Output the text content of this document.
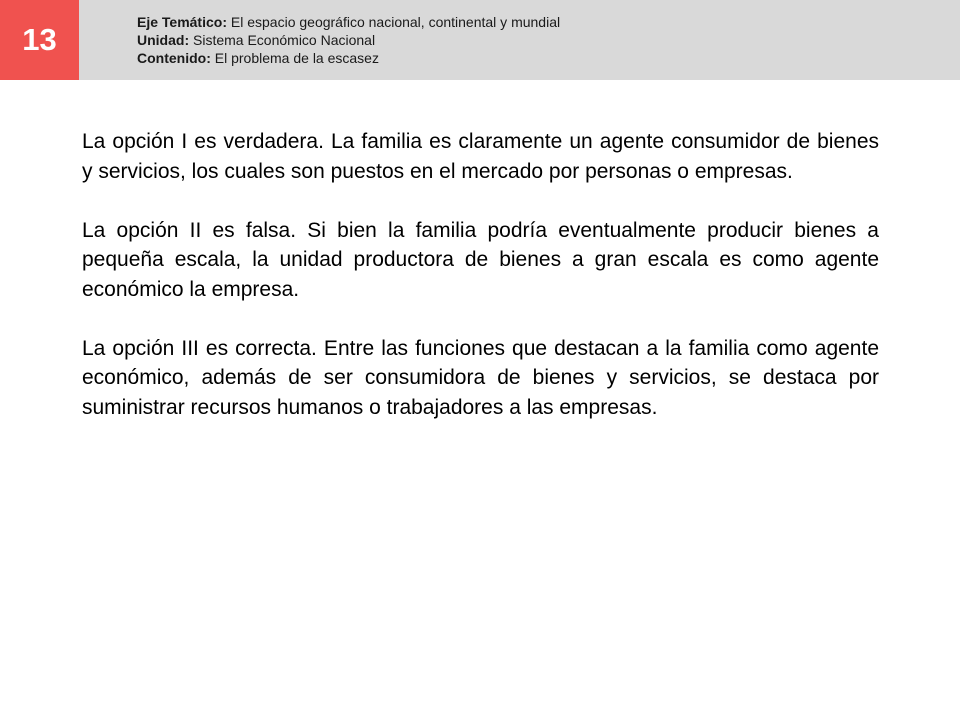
13	Eje Temático: El espacio geográfico nacional, continental y mundial
Unidad: Sistema Económico Nacional
Contenido: El problema de la escasez

La opción I es verdadera. La familia es claramente un agente consumidor de bienes y servicios, los cuales son puestos en el mercado por personas o empresas.

La opción II es falsa. Si bien la familia podría eventualmente producir bienes a pequeña escala, la unidad productora de bienes a gran escala es como agente económico la empresa.

La opción III es correcta. Entre las funciones que destacan a la familia como agente económico, además de ser consumidora de bienes y servicios, se destaca por suministrar recursos humanos o trabajadores a las empresas.
